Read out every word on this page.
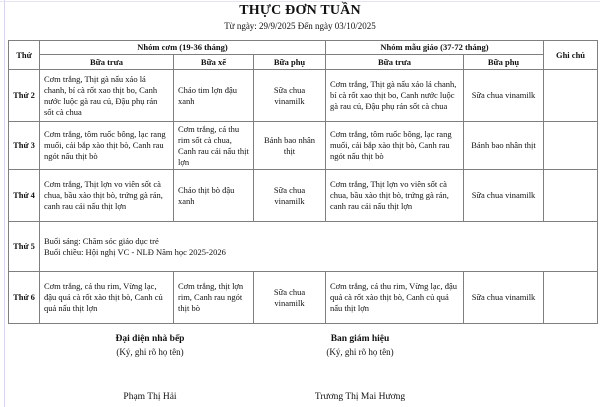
THỰC ĐƠN TUẦN
Từ ngày: 29/9/2025 Đến ngày 03/10/2025
Thứ	Nhóm cơm (19-36 tháng)			Nhóm mẫu giáo (37-72 tháng)		Ghi chú
	Bữa trưa	Bữa xế	Bữa phụ	Bữa trưa	Bữa phụ	
Thứ 2	Cơm trắng, Thịt gà nấu xáo lá chanh, bí cà rốt xao thịt bo, Canh nước luộc gà rau củ, Đậu phụ rán sốt cà chua	Cháo tim lợn đậu xanh	Sữa chua vinamilk	Cơm trắng, Thịt gà nấu xáo lá chanh, bí cà rốt xao thịt bo, Canh nước luộc gà rau củ, Đậu phụ rán sốt cà chua	Sữa chua vinamilk	
Thứ 3	Cơm trắng, tôm ruốc bông, lạc rang muối, cải bắp xào thịt bò, Canh rau ngót nấu thịt bò	Cơm trắng, cá thu rim sốt cà chua, Canh rau cải nấu thịt lợn	Bánh bao nhân thịt	Cơm trắng, tôm ruốc bông, lạc rang muối, cải bắp xào thịt bò, Canh rau ngót nấu thịt bò	Bánh bao nhân thịt	
Thứ 4	Cơm trắng, Thịt lợn vo viên sốt cà chua, bầu xào thịt bò, trứng gà rán, canh rau cải nấu thịt lợn	Cháo thịt bò đậu xanh	Sữa chua vinamilk	Cơm trắng, Thịt lợn vo viên sốt cà chua, bầu xào thịt bò, trứng gà rán, canh rau cải nấu thịt lợn	Sữa chua vinamilk	
Thứ 5	Buổi sáng: Chăm sóc giáo dục trẻ
Buổi chiều: Hội nghị VC - NLĐ Năm học 2025-2026					

Thứ 6	Cơm trắng, cá thu rim, Vừng lạc, đậu quả cà rốt xào thịt bò, Canh củ quả nấu thịt lợn	Cơm trắng, thịt lợn rim, Canh rau ngót thịt bò	Sữa chua vinamilk	Cơm trắng, cá thu rim, Vừng lạc, đậu quả cà rốt xào thịt bò, Canh củ quả nấu thịt lợn	Sữa chua vinamilk	
Đại diện nhà bếp
(Ký, ghi rõ họ tên)
Phạm Thị Hải
Ban giám hiệu
(Ký, ghi rõ họ tên)
Trương Thị Mai Hương
